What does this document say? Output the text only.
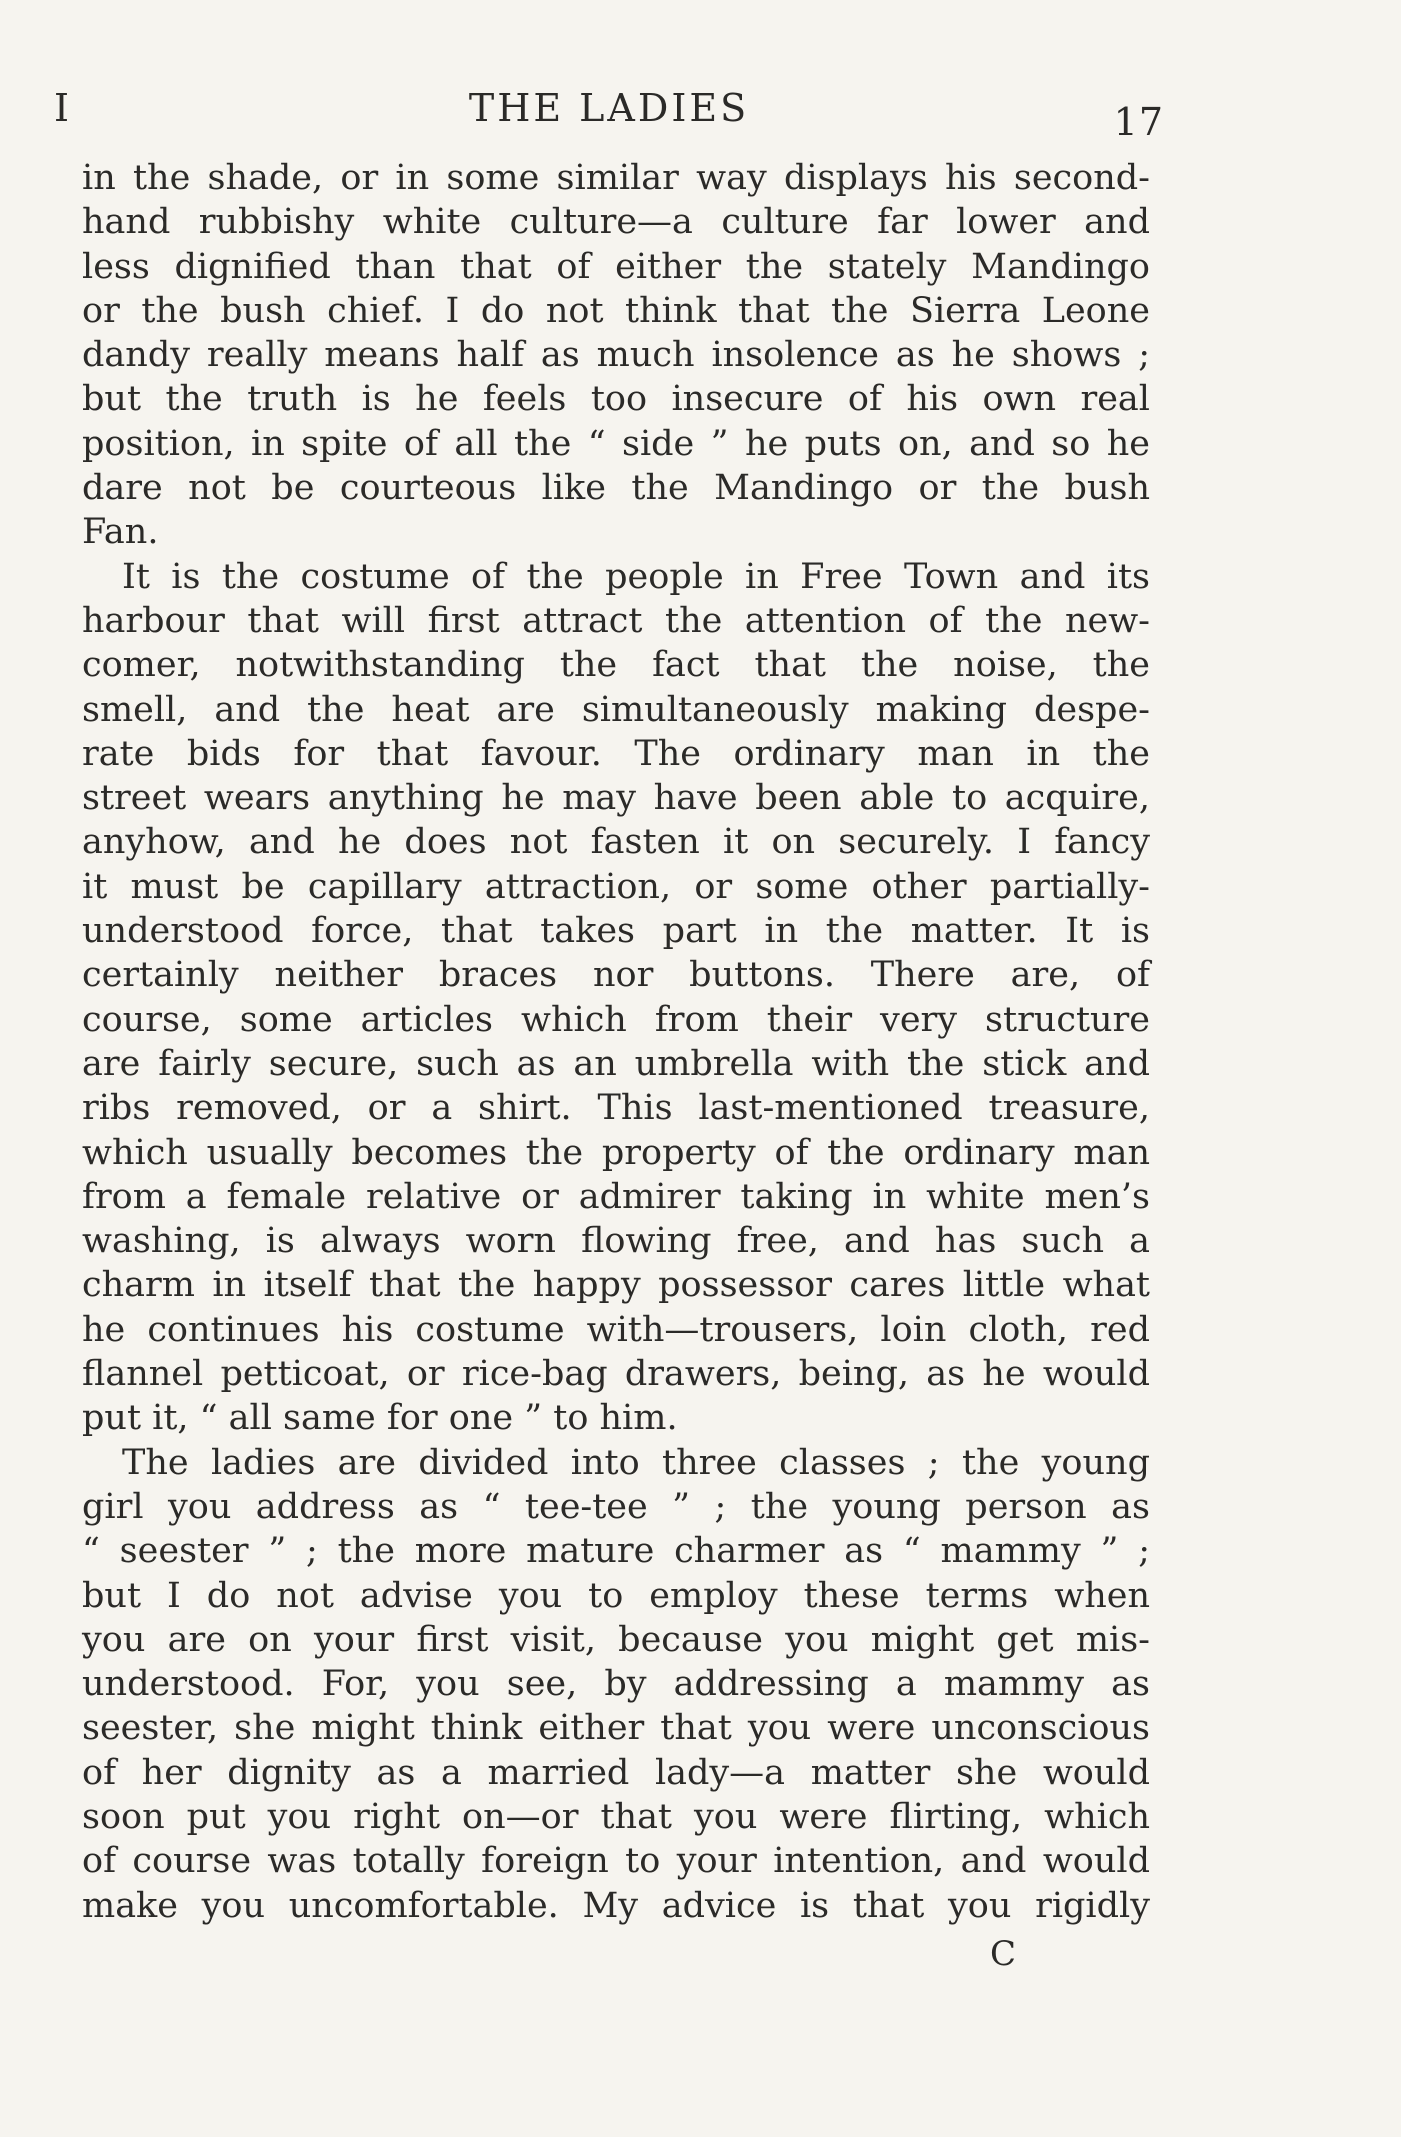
I	THE LADIES	17
in the shade, or in some similar way displays his second-
hand rubbishy white culture—a culture far lower and
less dignified than that of either the stately Mandingo
or the bush chief. I do not think that the Sierra Leone
dandy really means half as much insolence as he shows ;
but the truth is he feels too insecure of his own real
position, in spite of all the “ side ” he puts on, and so he
dare not be courteous like the Mandingo or the bush
Fan.
It is the costume of the people in Free Town and its
harbour that will first attract the attention of the new-
comer, notwithstanding the fact that the noise, the
smell, and the heat are simultaneously making despe-
rate bids for that favour. The ordinary man in the
street wears anything he may have been able to acquire,
anyhow, and he does not fasten it on securely. I fancy
it must be capillary attraction, or some other partially-
understood force, that takes part in the matter. It is
certainly neither braces nor buttons. There are, of
course, some articles which from their very structure
are fairly secure, such as an umbrella with the stick and
ribs removed, or a shirt. This last-mentioned treasure,
which usually becomes the property of the ordinary man
from a female relative or admirer taking in white men’s
washing, is always worn flowing free, and has such a
charm in itself that the happy possessor cares little what
he continues his costume with—trousers, loin cloth, red
flannel petticoat, or rice-bag drawers, being, as he would
put it, “ all same for one ” to him.
The ladies are divided into three classes ; the young
girl you address as “ tee-tee ” ; the young person as
“ seester ” ; the more mature charmer as “ mammy ” ;
but I do not advise you to employ these terms when
you are on your first visit, because you might get mis-
understood. For, you see, by addressing a mammy as
seester, she might think either that you were unconscious
of her dignity as a married lady—a matter she would
soon put you right on—or that you were flirting, which
of course was totally foreign to your intention, and would
make you uncomfortable. My advice is that you rigidly
C
